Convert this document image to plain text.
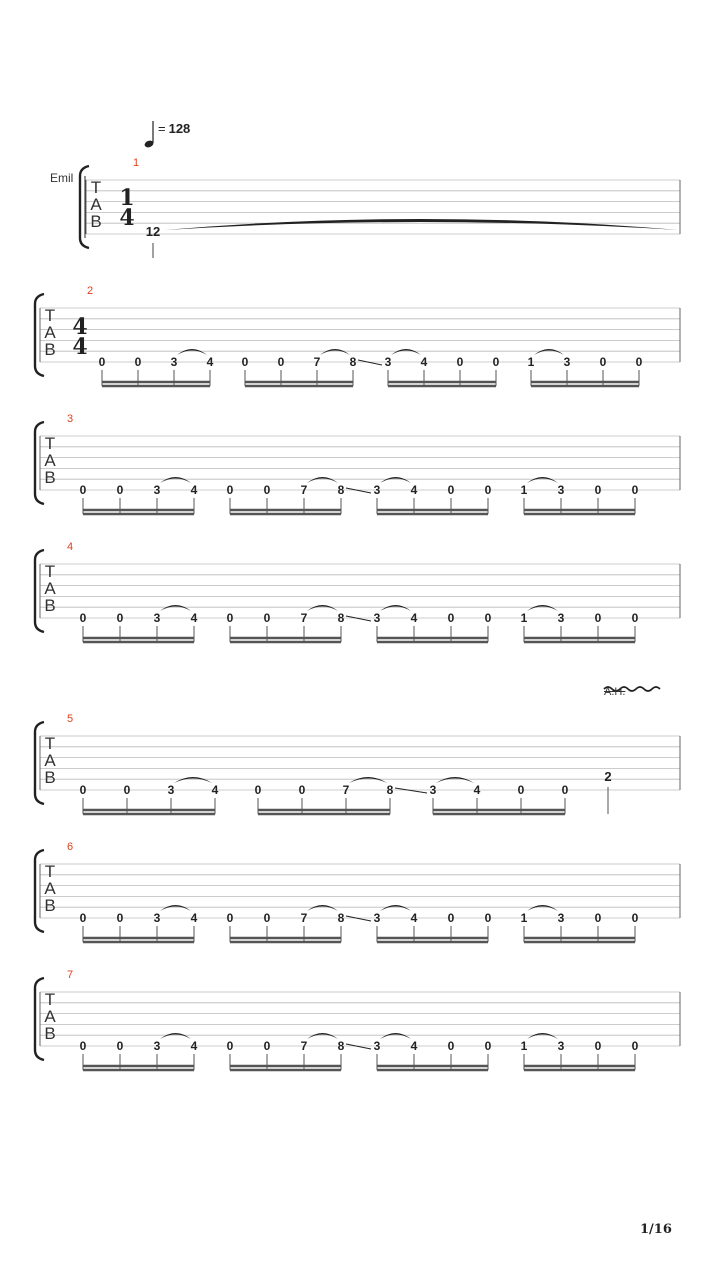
T
A
B
T
A
B
T
A
B
T
A
B
T
A
B
T
A
B
T
A
B
1
4
4
4
12
0 0 3 4 0 0 7 8 3 4 0 0 1 3 0 0
0	0	3	4 0	0	7	8 3	4	0	0 1	3	0	0
0	0	3	4 0	0	7	8 3	4	0	0 1	3	0	0
0	0	3	4 0	0	7	8 3	4	0	0 1	3	0	0
0	0	3	4 0	0	7	8 3	4	0	0 1	3	0	0
0	0	3	4	0	0	7	8	3	4	0	0
2
= 128
Emil
A.H.
1
2
3
4
5
6
7
1/16
